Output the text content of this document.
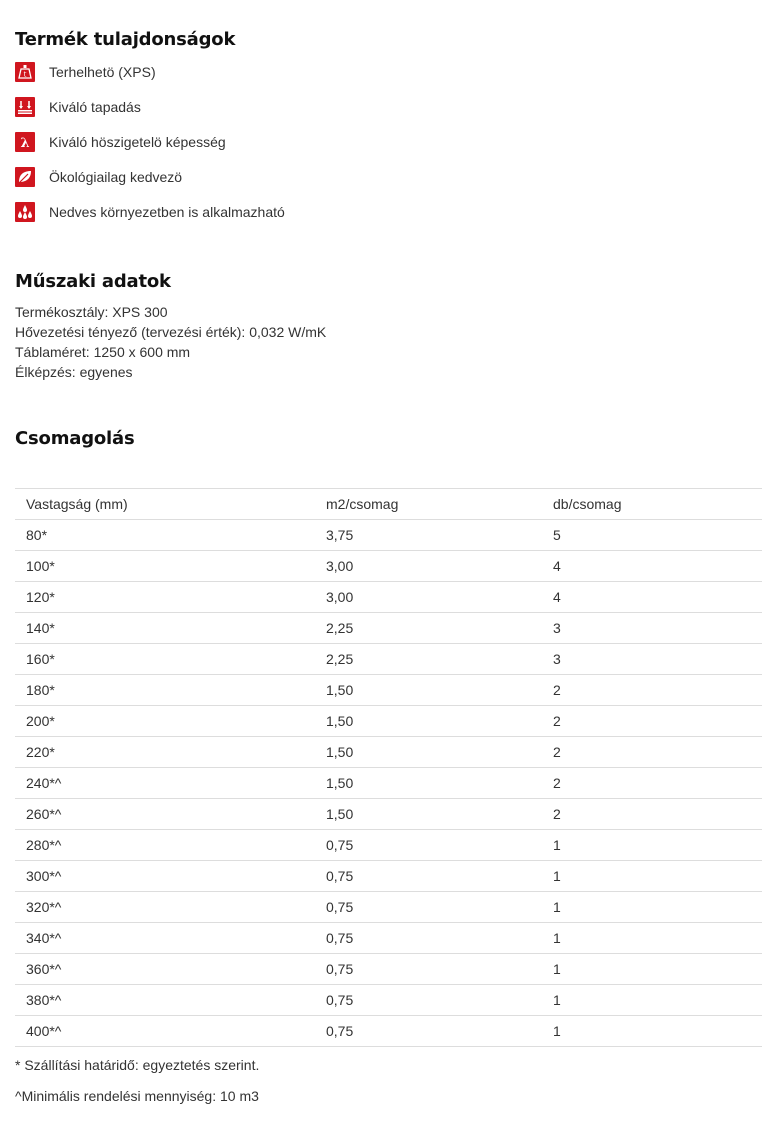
Termék tulajdonságok
t Terhelhetö (XPS)
Kiváló tapadás
λ Kiváló höszigetelö képesség
Ökológiailag kedvezö
Nedves környezetben is alkalmazható
Műszaki adatok
Termékosztály: XPS 300
Hővezetési tényező (tervezési érték): 0,032 W/mK
Táblaméret: 1250 x 600 mm
Élképzés: egyenes
Csomagolás
Vastagság (mm)	m2/csomag	db/csomag
80*	3,75	5
100*	3,00	4
120*	3,00	4
140*	2,25	3
160*	2,25	3
180*	1,50	2
200*	1,50	2
220*	1,50	2
240*^	1,50	2
260*^	1,50	2
280*^	0,75	1
300*^	0,75	1
320*^	0,75	1
340*^	0,75	1
360*^	0,75	1
380*^	0,75	1
400*^	0,75	1
* Szállítási határidő: egyeztetés szerint.
^Minimális rendelési mennyiség: 10 m3
